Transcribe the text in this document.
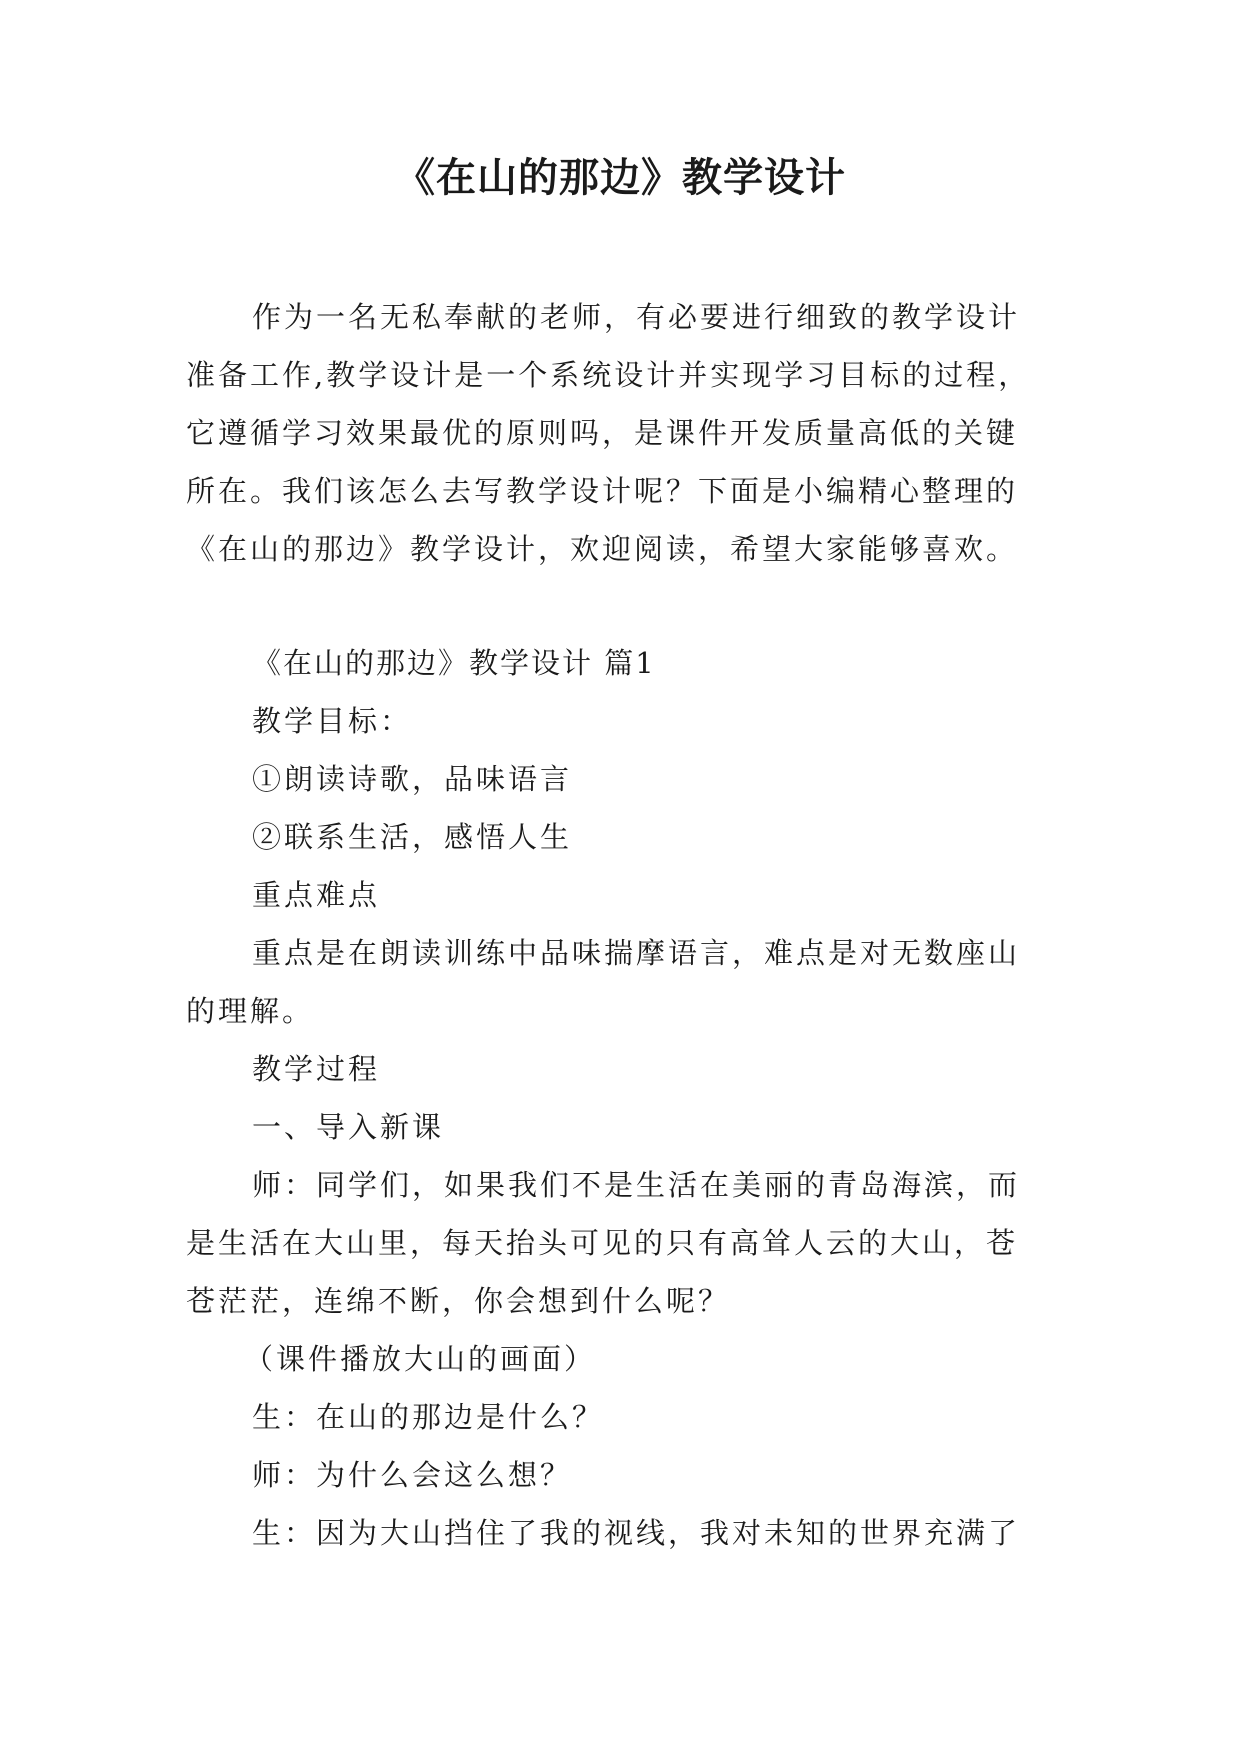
《在山的那边》教学设计

作为一名无私奉献的老师，有必要进行细致的教学设计准备工作,教学设计是一个系统设计并实现学习目标的过程，它遵循学习效果最优的原则吗，是课件开发质量高低的关键所在。我们该怎么去写教学设计呢？下面是小编精心整理的《在山的那边》教学设计，欢迎阅读，希望大家能够喜欢。

《在山的那边》教学设计 篇1

教学目标：

①朗读诗歌，品味语言

②联系生活，感悟人生

重点难点

重点是在朗读训练中品味揣摩语言，难点是对无数座山的理解。

教学过程

一、导入新课

师：同学们，如果我们不是生活在美丽的青岛海滨，而是生活在大山里，每天抬头可见的只有高耸人云的大山，苍苍茫茫，连绵不断，你会想到什么呢？

（课件播放大山的画面）

生：在山的那边是什么？

师：为什么会这么想？

生：因为大山挡住了我的视线，我对未知的世界充满了
